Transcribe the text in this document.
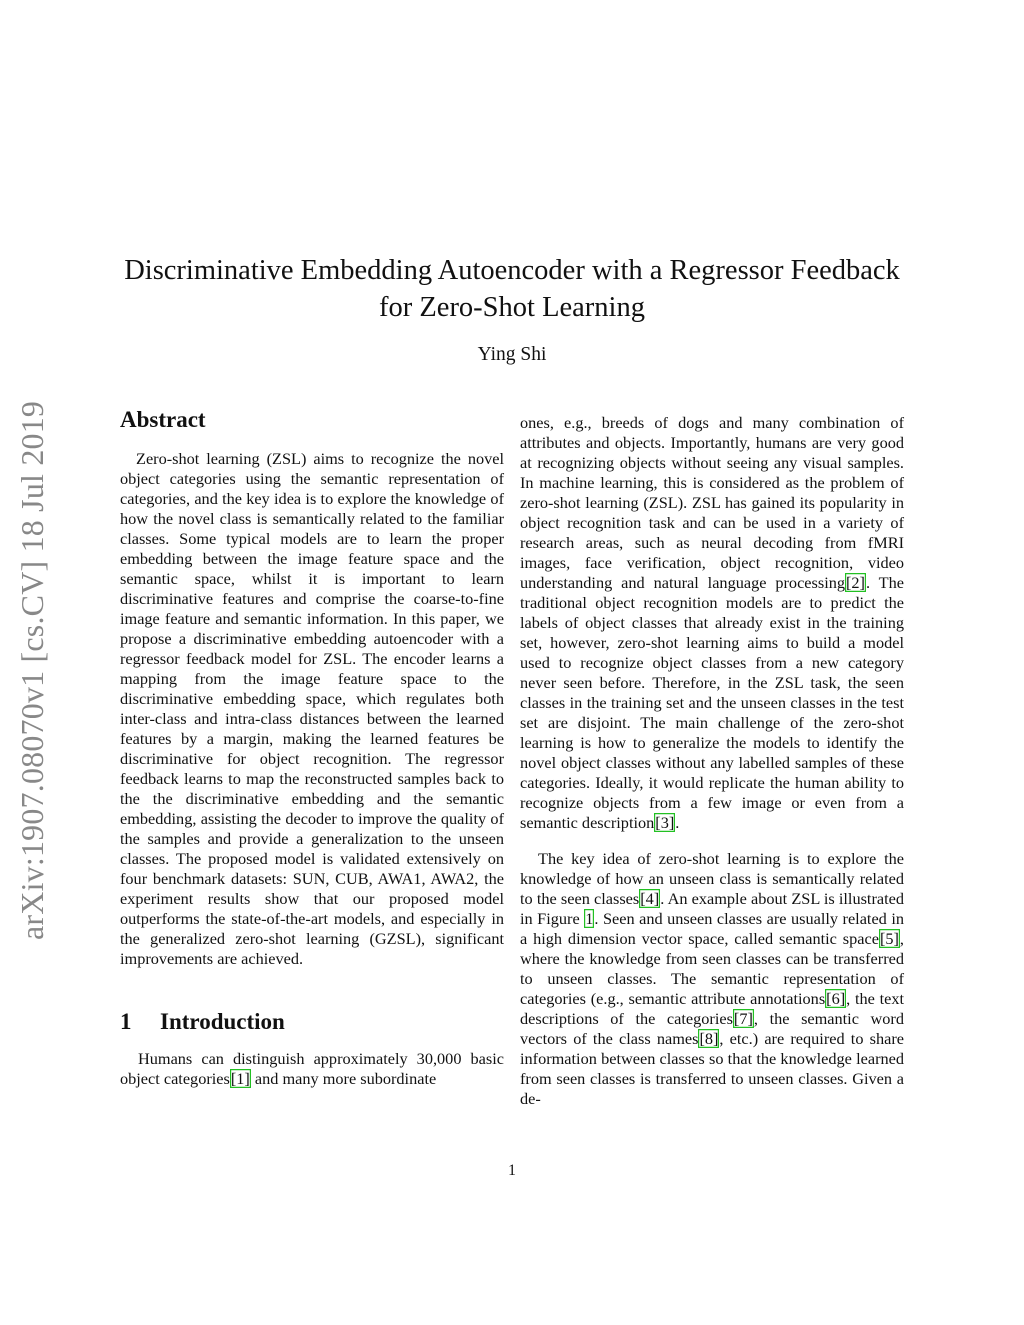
arXiv:1907.08070v1 [cs.CV] 18 Jul 2019
Discriminative Embedding Autoencoder with a Regressor Feedback
for Zero-Shot Learning
Ying Shi
Abstract

Zero-shot learning (ZSL) aims to recognize the novel object categories using the semantic representation of categories, and the key idea is to explore the knowledge of how the novel class is semantically related to the familiar classes. Some typical models are to learn the proper embedding between the image feature space and the semantic space, whilst it is important to learn discriminative features and comprise the coarse-to-fine image feature and semantic information. In this paper, we propose a discriminative embedding autoencoder with a regressor feedback model for ZSL. The encoder learns a mapping from the image feature space to the discriminative embedding space, which regulates both inter-class and intra-class distances between the learned features by a margin, making the learned features be discriminative for object recognition. The regressor feedback learns to map the reconstructed samples back to the the discriminative embedding and the semantic embedding, assisting the decoder to improve the quality of the samples and provide a generalization to the unseen classes. The proposed model is validated extensively on four benchmark datasets: SUN, CUB, AWA1, AWA2, the experiment results show that our proposed model outperforms the state-of-the-art models, and especially in the generalized zero-shot learning (GZSL), significant improvements are achieved.

1 Introduction

Humans can distinguish approximately 30,000 basic object categories[1] and many more subordinate

ones, e.g., breeds of dogs and many combination of attributes and objects. Importantly, humans are very good at recognizing objects without seeing any visual samples. In machine learning, this is considered as the problem of zero-shot learning (ZSL). ZSL has gained its popularity in object recognition task and can be used in a variety of research areas, such as neural decoding from fMRI images, face verification, object recognition, video understanding and natural language processing[2]. The traditional object recognition models are to predict the labels of object classes that already exist in the training set, however, zero-shot learning aims to build a model used to recognize object classes from a new category never seen before. Therefore, in the ZSL task, the seen classes in the training set and the unseen classes in the test set are disjoint. The main challenge of the zero-shot learning is how to generalize the models to identify the novel object classes without any labelled samples of these categories. Ideally, it would replicate the human ability to recognize objects from a few image or even from a semantic description[3].

The key idea of zero-shot learning is to explore the knowledge of how an unseen class is semantically related to the seen classes[4]. An example about ZSL is illustrated in Figure 1. Seen and unseen classes are usually related in a high dimension vector space, called semantic space[5], where the knowledge from seen classes can be transferred to unseen classes. The semantic representation of categories (e.g., semantic attribute annotations[6], the text descriptions of the categories[7], the semantic word vectors of the class names[8], etc.) are required to share information between classes so that the knowledge learned from seen classes is transferred to unseen classes. Given a de-

1
